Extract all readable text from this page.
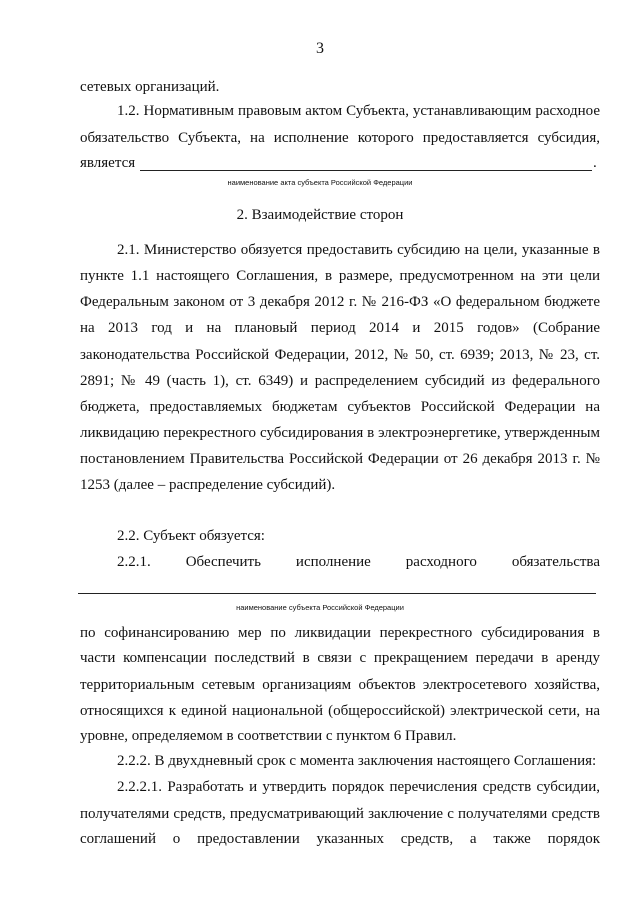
3
сетевых организаций.
1.2. Нормативным правовым актом Субъекта, устанавливающим расходное
обязательство Субъекта, на исполнение которого предоставляется субсидия,
является	.
наименование акта субъекта Российской Федерации
2. Взаимодействие сторон
2.1. Министерство обязуется предоставить субсидию на цели, указанные в
пункте 1.1 настоящего Соглашения, в размере, предусмотренном на эти цели
Федеральным законом от 3 декабря 2012 г. № 216-ФЗ «О федеральном бюджете
на 2013 год и на плановый период 2014 и 2015 годов» (Собрание
законодательства Российской Федерации, 2012, № 50, ст. 6939; 2013, № 23, ст.
2891; № 49 (часть 1), ст. 6349) и распределением субсидий из федерального
бюджета, предоставляемых бюджетам субъектов Российской Федерации на
ликвидацию перекрестного субсидирования в электроэнергетике, утвержденным
постановлением Правительства Российской Федерации от 26 декабря 2013 г. №
1253 (далее – распределение субсидий).
2.2. Субъект обязуется:
2.2.1. Обеспечить исполнение расходного обязательства
наименование субъекта Российской Федерации
по софинансированию мер по ликвидации перекрестного субсидирования в
части компенсации последствий в связи с прекращением передачи в аренду
территориальным сетевым организациям объектов электросетевого хозяйства,
относящихся к единой национальной (общероссийской) электрической сети, на
уровне, определяемом в соответствии с пунктом 6 Правил.
2.2.2. В двухдневный срок с момента заключения настоящего Соглашения:
2.2.2.1. Разработать и утвердить порядок перечисления средств субсидии,
получателями средств, предусматривающий заключение с получателями средств
соглашений о предоставлении указанных средств, а также порядок
